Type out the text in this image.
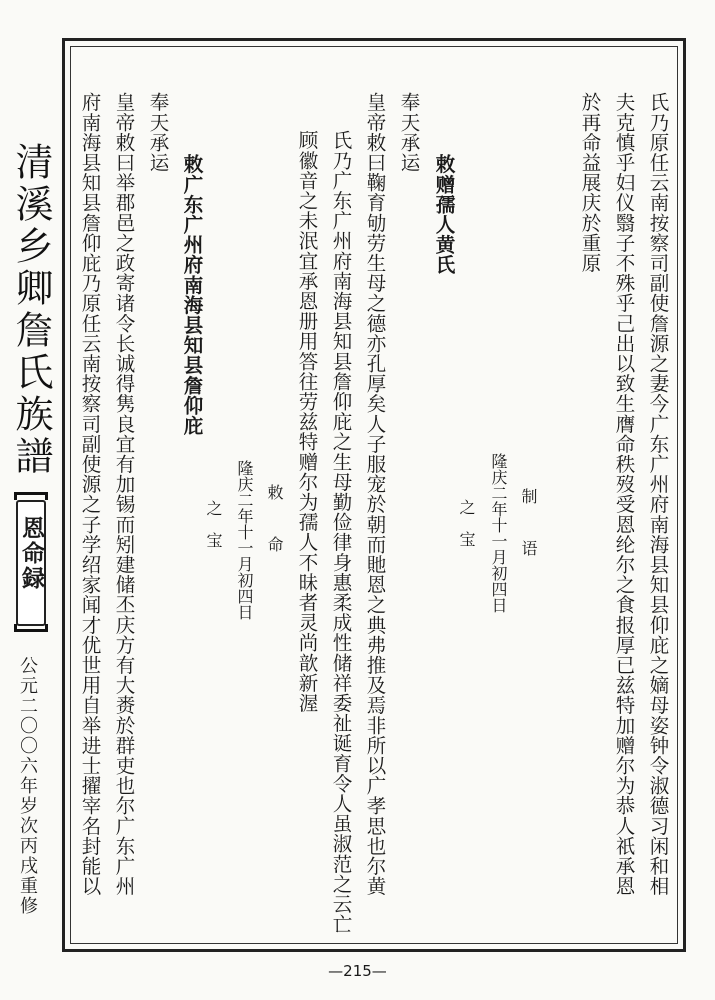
清溪乡卿詹氏族譜
恩命録
公元二〇〇六年岁次丙戌重修	氏乃原任云南按察司副使詹源之妻今广东广州府南海县知县仰庇之嫡母姿钟令淑德习闲和相
夫克慎乎妇仪翳子不殊乎己出以致生膺命秩歿受恩纶尔之食报厚已兹特加赠尔为恭人祇承恩
於再命益展庆於重原
制
语
隆庆二年十一月初四日
之　宝
敕赠孺人黄氏
奉天承运
皇帝敕曰鞠育劬劳生母之德亦孔厚矣人子服宠於朝而貤恩之典弗推及焉非所以广孝思也尔黄
氏乃广东广州府南海县知县詹仰庇之生母勤俭律身惠柔成性储祥委祉诞育令人虽淑范之云亡
顾徽音之未泯宜承恩册用答往劳兹特赠尔为孺人不昧者灵尚歆新渥
敕
命
隆庆二年十一月初四日
之　宝
敕广东广州府南海县知县詹仰庇
奉天承运
皇帝敕曰举郡邑之政寄诸令长诚得隽良宜有加锡而矧建储丕庆方有大赉於群吏也尔广东广州
府南海县知县詹仰庇乃原任云南按察司副使源之子学绍家闻才优世用自举进士擢宰名封能以
—215—
